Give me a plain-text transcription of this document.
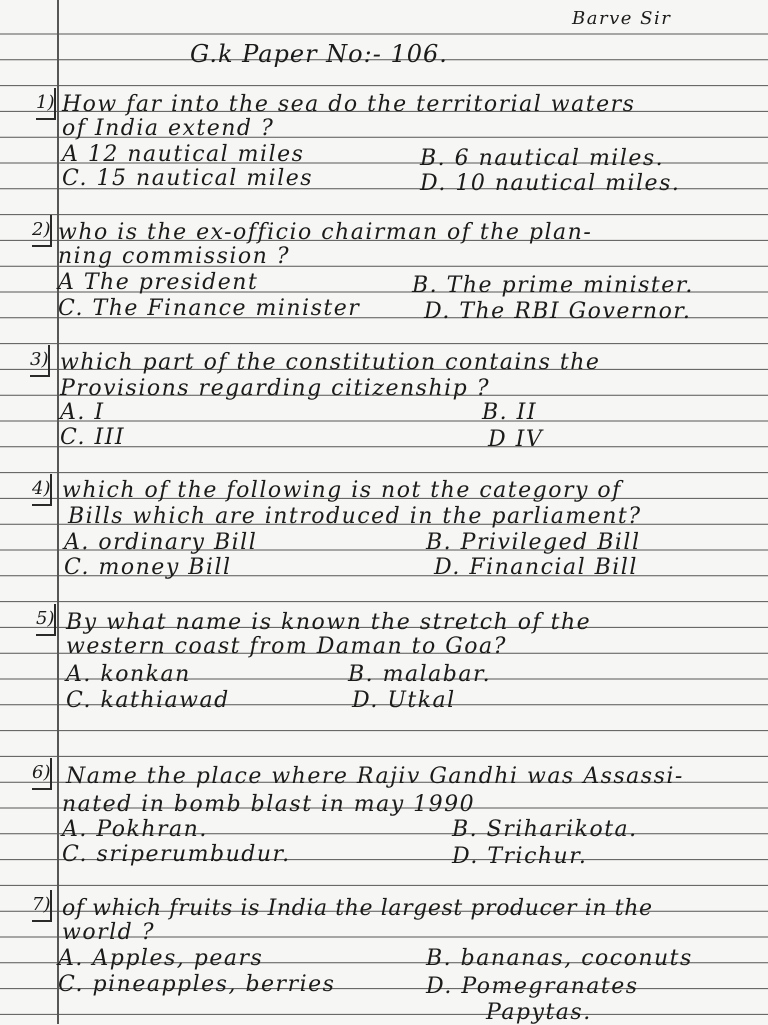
Barve Sir
G.k Paper No:- 106.
1) How far into the sea do the territorial waters
of India extend ?
A 12 nautical miles	B. 6 nautical miles.
C. 15 nautical miles	D. 10 nautical miles.
2) who is the ex-officio chairman of the plan-
ning commission ?
A The president	B. The prime minister.
C. The Finance minister	D. The RBI Governor.
3) which part of the constitution contains the
Provisions regarding citizenship ?
A. I	B. II
C. III	D IV
4) which of the following is not the category of
Bills which are introduced in the parliament?
A. ordinary Bill	B. Privileged Bill
C. money Bill	D. Financial Bill
5) By what name is known the stretch of the
western coast from Daman to Goa?
A. konkan	B. malabar.
C. kathiawad	D. Utkal
6) Name the place where Rajiv Gandhi was Assassi-
nated in bomb blast in may 1990
A. Pokhran.	B. Sriharikota.
C. sriperumbudur.	D. Trichur.
7) of which fruits is India the largest producer in the
world ?
A. Apples, pears	B. bananas, coconuts
C. pineapples, berries	D. Pomegranates
Papytas.
